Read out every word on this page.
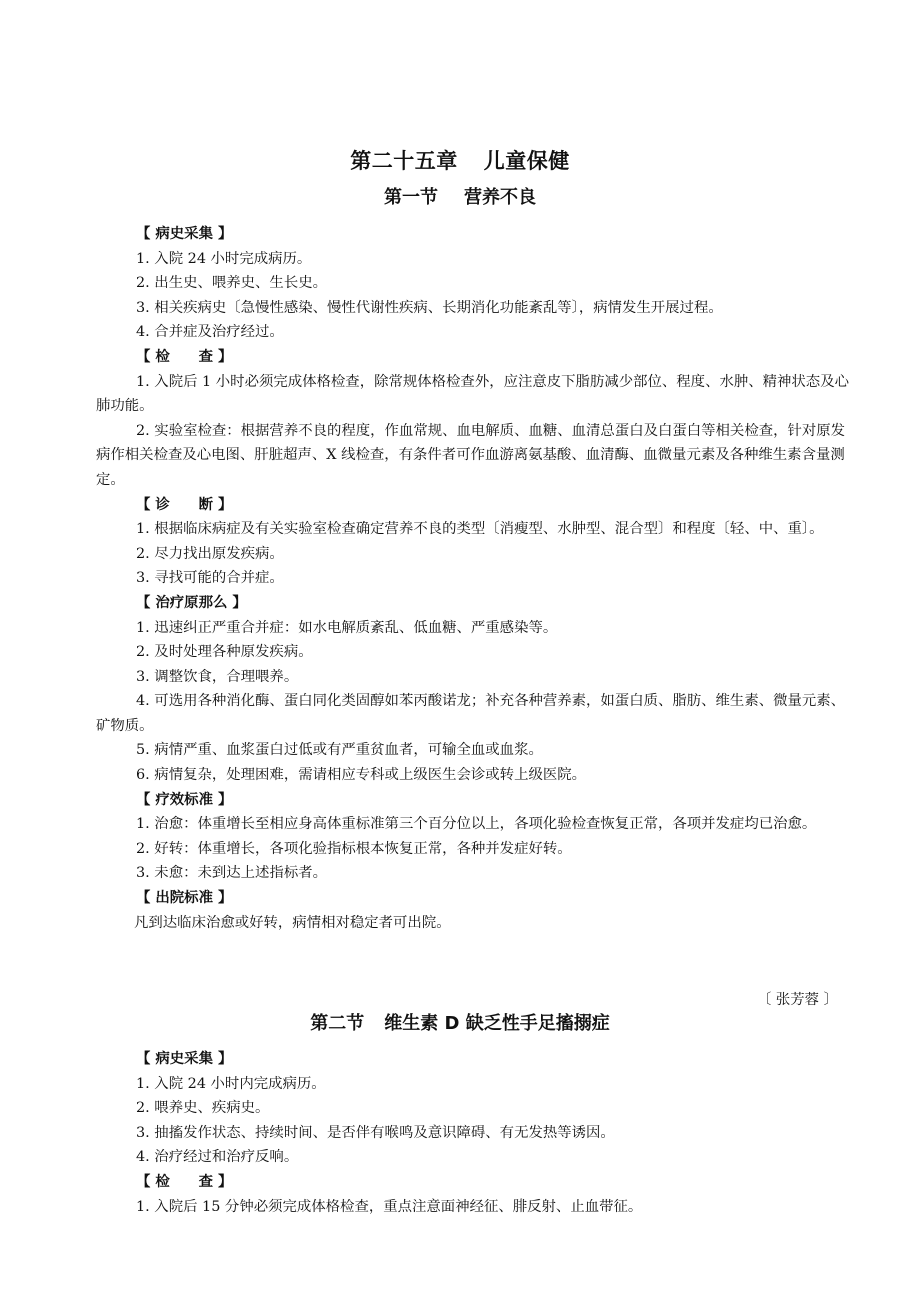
第二十五章 儿童保健
第一节 营养不良

【 病史采集 】

1. 入院 24 小时完成病历。

2. 出生史、喂养史、生长史。

3. 相关疾病史〔急慢性感染、慢性代谢性疾病、长期消化功能紊乱等〕，病情发生开展过程。

4. 合并症及治疗经过。

【 检　　查 】

1. 入院后 1 小时必须完成体格检查，除常规体格检查外，应注意皮下脂肪减少部位、程度、水肿、精神状态及心肺功能。

2. 实验室检查：根据营养不良的程度，作血常规、血电解质、血糖、血清总蛋白及白蛋白等相关检查，针对原发病作相关检查及心电图、肝脏超声、X 线检查，有条件者可作血游离氨基酸、血清酶、血微量元素及各种维生素含量测定。

【 诊　　断 】

1. 根据临床病症及有关实验室检查确定营养不良的类型〔消瘦型、水肿型、混合型〕和程度〔轻、中、重〕。

2. 尽力找出原发疾病。

3. 寻找可能的合并症。

【 治疗原那么 】

1. 迅速纠正严重合并症：如水电解质紊乱、低血糖、严重感染等。

2. 及时处理各种原发疾病。

3. 调整饮食，合理喂养。

4. 可选用各种消化酶、蛋白同化类固醇如苯丙酸诺龙；补充各种营养素，如蛋白质、脂肪、维生素、微量元素、矿物质。

5. 病情严重、血浆蛋白过低或有严重贫血者，可输全血或血浆。

6. 病情复杂，处理困难，需请相应专科或上级医生会诊或转上级医院。

【 疗效标准 】

1. 治愈：体重增长至相应身高体重标准第三个百分位以上，各项化验检查恢复正常，各项并发症均已治愈。

2. 好转：体重增长，各项化验指标根本恢复正常，各种并发症好转。

3. 未愈：未到达上述指标者。

【 出院标准 】

凡到达临床治愈或好转，病情相对稳定者可出院。

〔 张芳蓉 〕
第二节 维生素 D 缺乏性手足搐搦症

【 病史采集 】

1. 入院 24 小时内完成病历。

2. 喂养史、疾病史。

3. 抽搐发作状态、持续时间、是否伴有喉鸣及意识障碍、有无发热等诱因。

4. 治疗经过和治疗反响。

【 检　　查 】

1. 入院后 15 分钟必须完成体格检查，重点注意面神经征、腓反射、止血带征。
